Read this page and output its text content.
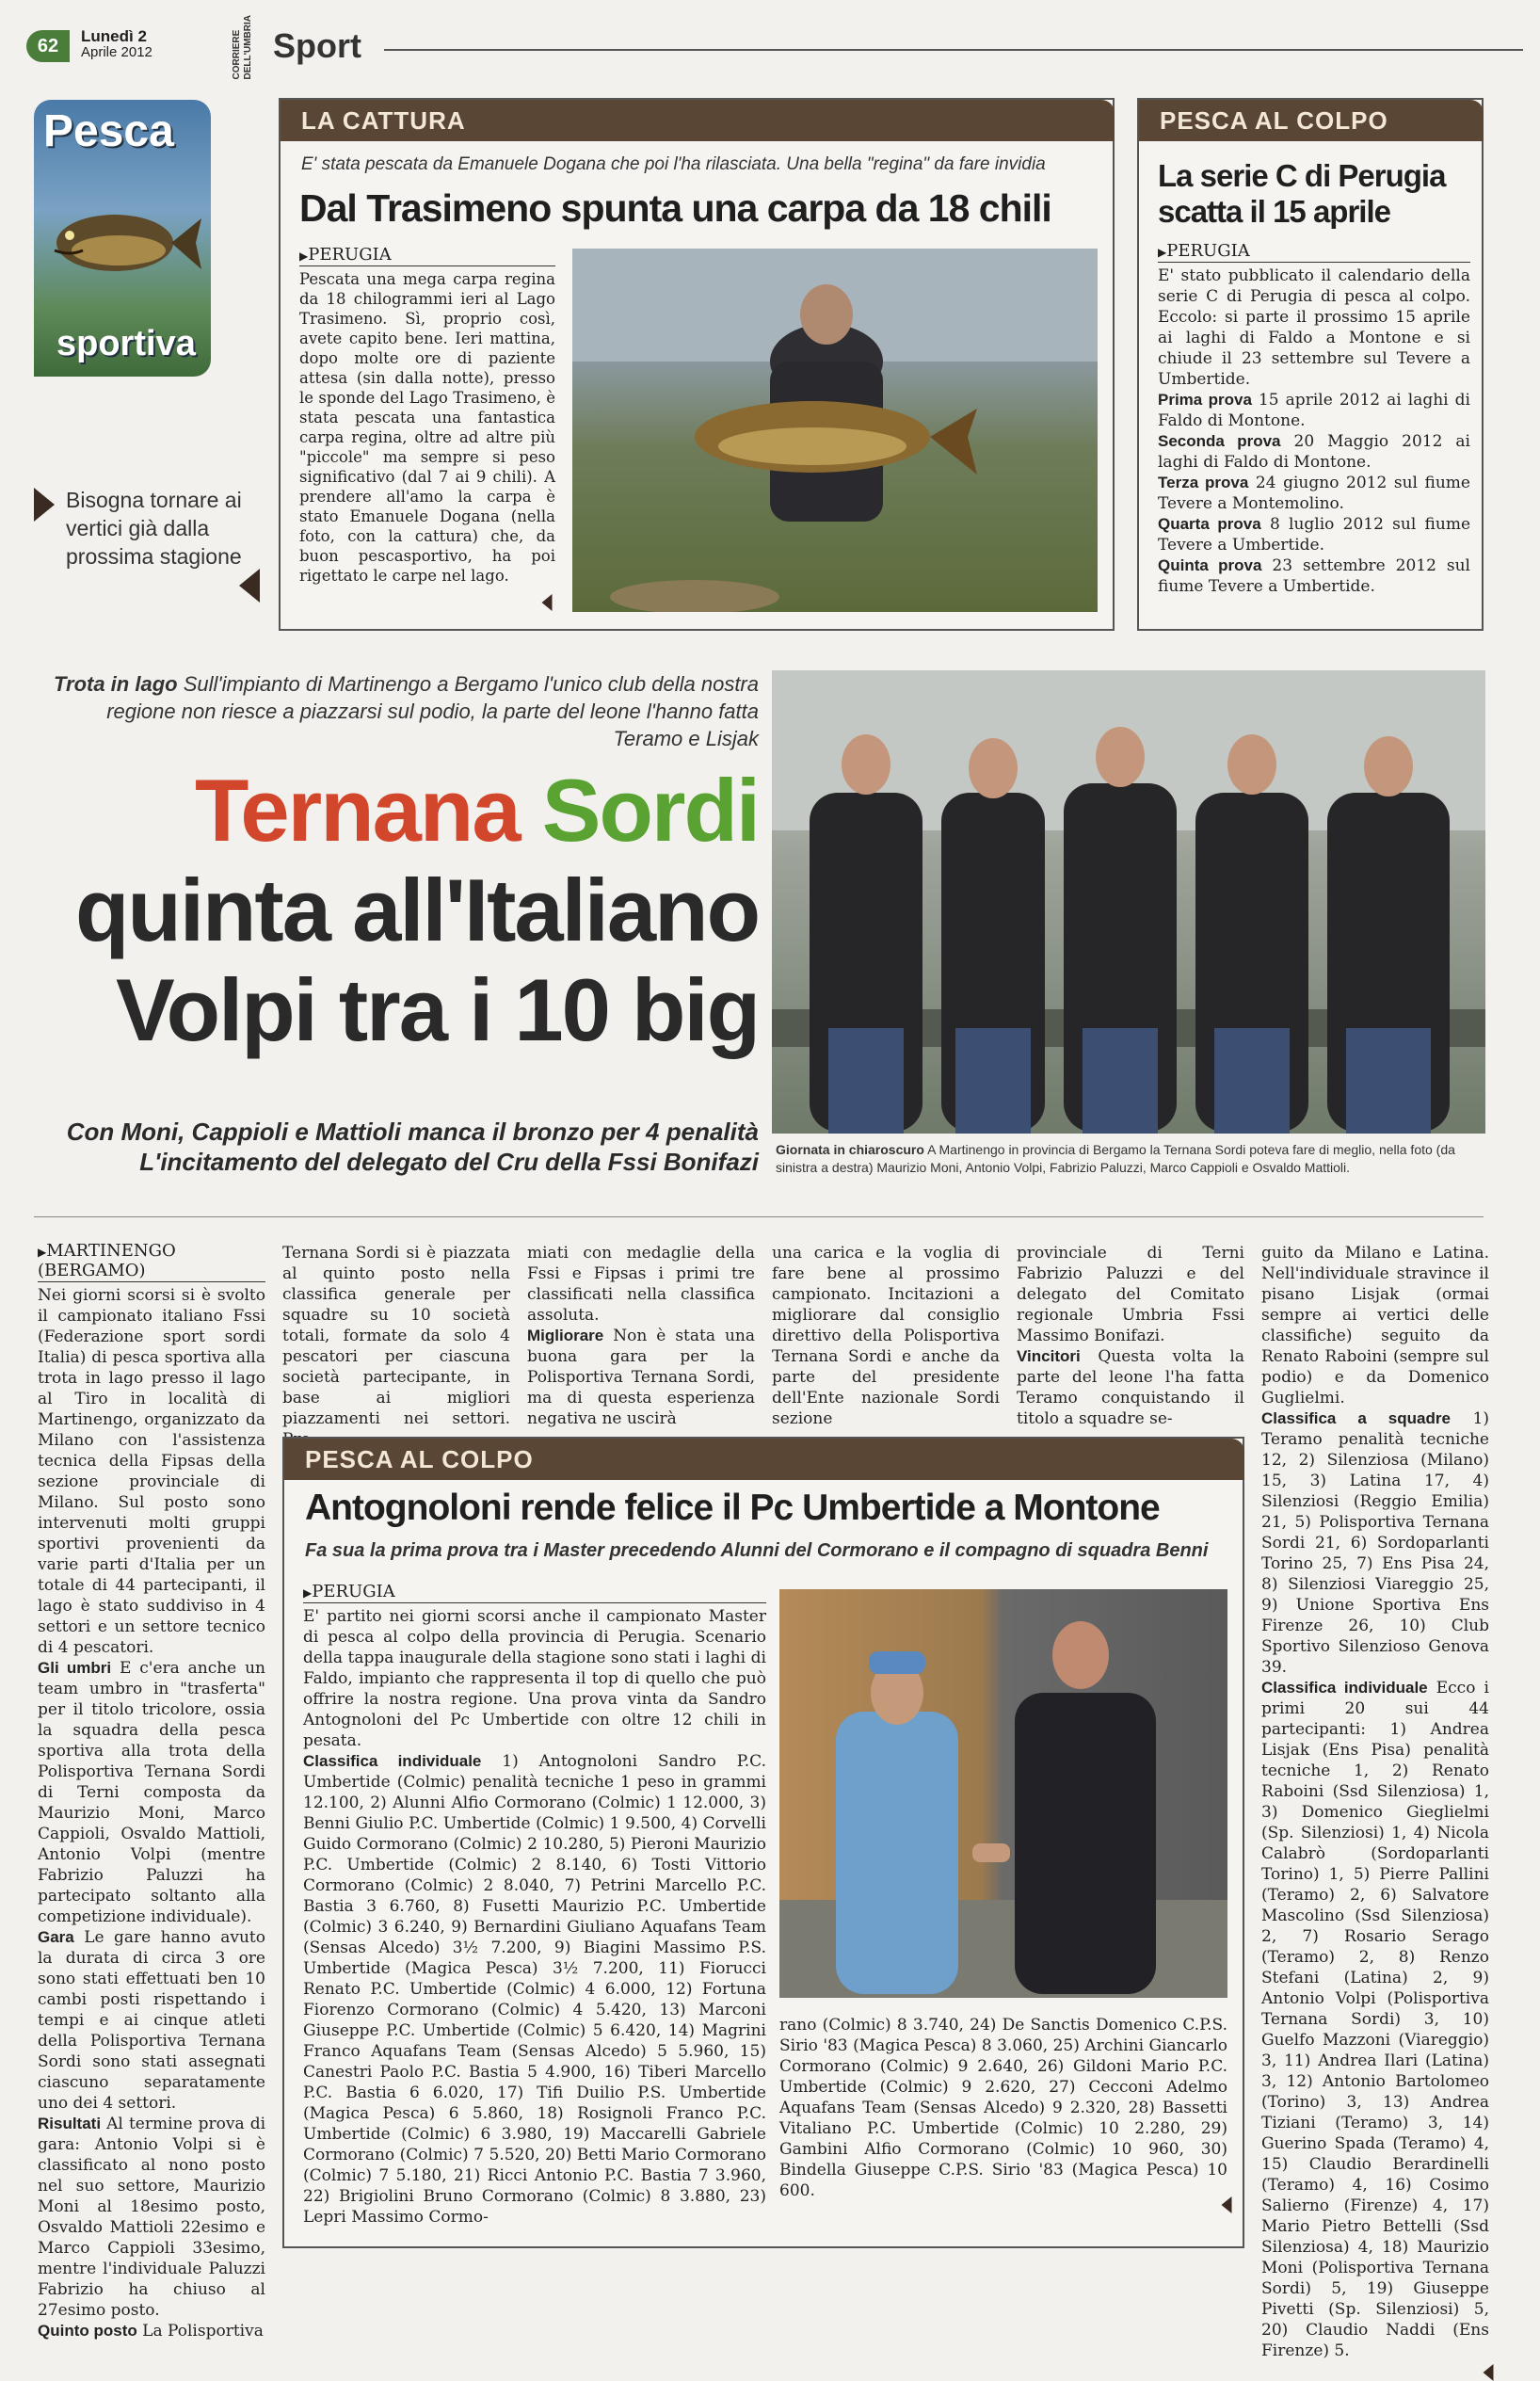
62	Lunedì 2
Aprile 2012	CORRIERE DELL'UMBRIA Sport
Pesca
sportiva
Bisogna tornare ai vertici già dalla prossima stagione
LA CATTURA
E' stata pescata da Emanuele Dogana che poi l'ha rilasciata. Una bella "regina" da fare invidia
Dal Trasimeno spunta una carpa da 18 chili
▶ PERUGIA
Pescata una mega carpa regina da 18 chilogrammi ieri al Lago Trasimeno. Sì, proprio così, avete capito bene. Ieri mattina, dopo molte ore di paziente attesa (sin dalla notte), presso le sponde del Lago Trasimeno, è stata pescata una fantastica carpa regina, oltre ad altre più "piccole" ma sempre si peso significativo (dal 7 ai 9 chili). A prendere all'amo la carpa è stato Emanuele Dogana (nella foto, con la cattura) che, da buon pescasportivo, ha poi rigettato le carpe nel lago.
PESCA AL COLPO
La serie C di Perugia scatta il 15 aprile
▶ PERUGIA
E' stato pubblicato il calendario della serie C di Perugia di pesca al colpo. Eccolo: si parte il prossimo 15 aprile ai laghi di Faldo a Montone e si chiude il 23 settembre sul Tevere a Umbertide.
Prima prova 15 aprile 2012 ai laghi di Faldo di Montone.
Seconda prova 20 Maggio 2012 ai laghi di Faldo di Montone.
Terza prova 24 giugno 2012 sul fiume Tevere a Montemolino.
Quarta prova 8 luglio 2012 sul fiume Tevere a Umbertide.
Quinta prova 23 settembre 2012 sul fiume Tevere a Umbertide.
Trota in lago Sull'impianto di Martinengo a Bergamo l'unico club della nostra regione non riesce a piazzarsi sul podio, la parte del leone l'hanno fatta Teramo e Lisjak
Ternana Sordi
quinta all'Italiano
Volpi tra i 10 big
Con Moni, Cappioli e Mattioli manca il bronzo per 4 penalità
L'incitamento del delegato del Cru della Fssi Bonifazi Giornata in chiaroscuro A Martinengo in provincia di Bergamo la Ternana Sordi poteva fare di meglio, nella foto (da sinistra a destra) Maurizio Moni, Antonio Volpi, Fabrizio Paluzzi, Marco Cappioli e Osvaldo Mattioli.
▶ MARTINENGO (BERGAMO)
Nei giorni scorsi si è svolto il campionato italiano Fssi (Federazione sport sordi Italia) di pesca sportiva alla trota in lago presso il lago al Tiro in località di Martinengo, organizzato da Milano con l'assistenza tecnica della Fipsas della sezione provinciale di Milano. Sul posto sono intervenuti molti gruppi sportivi provenienti da varie parti d'Italia per un totale di 44 partecipanti, il lago è stato suddiviso in 4 settori e un settore tecnico di 4 pescatori.
Gli umbri E c'era anche un team umbro in "trasferta" per il titolo tricolore, ossia la squadra della pesca sportiva alla trota della Polisportiva Ternana Sordi di Terni composta da Maurizio Moni, Marco Cappioli, Osvaldo Mattioli, Antonio Volpi (mentre Fabrizio Paluzzi ha partecipato soltanto alla competizione individuale).
Gara Le gare hanno avuto la durata di circa 3 ore sono stati effettuati ben 10 cambi posti rispettando i tempi e ai cinque atleti della Polisportiva Ternana Sordi sono stati assegnati ciascuno separatamente uno dei 4 settori.
Risultati Al termine prova di gara: Antonio Volpi si è classificato al nono posto nel suo settore, Maurizio Moni al 18esimo posto, Osvaldo Mattioli 22esimo e Marco Cappioli 33esimo, mentre l'individuale Paluzzi Fabrizio ha chiuso al 27esimo posto.
Quinto posto La Polisportiva
Ternana Sordi si è piazzata al quinto posto nella classifica generale per squadre su 10 società totali, formate da solo 4 pescatori per ciascuna società partecipante, in base ai migliori piazzamenti nei settori.
miati con medaglie della Fssi e Fipsas i primi tre classificati nella classifica assoluta.
Migliorare Non è stata una buona gara per la Polisportiva Ternana Sordi, ma di questa esperienza negativa ne uscirà
una carica e la voglia di fare bene al prossimo campionato. Incitazioni a migliorare dal consiglio direttivo della Polisportiva Ternana Sordi e anche da parte del presidente dell'Ente nazionale Sordi sezione
provinciale di Terni Fabrizio Paluzzi e del delegato del Comitato regionale Umbria Fssi Massimo Bonifazi.
Vincitori Questa volta la parte del leone l'ha fatta Teramo conquistando il titolo a squadre se-
guito da Milano e Latina. Nell'individuale stravince il pisano Lisjak (ormai sempre ai vertici delle classifiche) seguito da Renato Raboini (sempre sul podio) e da Domenico Guglielmi.
Classifica a squadre 1) Teramo penalità tecniche 12, 2) Silenziosa (Milano) 15, 3) Latina 17, 4) Silenziosi (Reggio Emilia) 21, 5) Polisportiva Ternana Sordi 21, 6) Sordoparlanti Torino 25, 7) Ens Pisa 24, 8) Silenziosi Viareggio 25, 9) Unione Sportiva Ens Firenze 26, 10) Club Sportivo Silenzioso Genova 39.
Classifica individuale Ecco i primi 20 sui 44 partecipanti: 1) Andrea Lisjak (Ens Pisa) penalità tecniche 1, 2) Renato Raboini (Ssd Silenziosa) 1, 3) Domenico Gieglielmi (Sp. Silenziosi) 1, 4) Nicola Calabrò (Sordoparlanti Torino) 1, 5) Pierre Pallini (Teramo) 2, 6) Salvatore Mascolino (Ssd Silenziosa) 2, 7) Rosario Serago (Teramo) 2, 8) Renzo Stefani (Latina) 2, 9) Antonio Volpi (Polisportiva Ternana Sordi) 3, 10) Guelfo Mazzoni (Viareggio) 3, 11) Andrea Ilari (Latina) 3, 12) Antonio Bartolomeo (Torino) 3, 13) Andrea Tiziani (Teramo) 3, 14) Guerino Spada (Teramo) 4, 15) Claudio Berardinelli (Teramo) 4, 16) Cosimo Salierno (Firenze) 4, 17) Mario Pietro Bettelli (Ssd Silenziosa) 4, 18) Maurizio Moni (Polisportiva Ternana Sordi) 5, 19) Giuseppe Pivetti (Sp. Silenziosi) 5, 20) Claudio Naddi (Ens Firenze) 5.
PESCA AL COLPO
Antognoloni rende felice il Pc Umbertide a Montone
Fa sua la prima prova tra i Master precedendo Alunni del Cormorano e il compagno di squadra Benni
▶ PERUGIA
E' partito nei giorni scorsi anche il campionato Master di pesca al colpo della provincia di Perugia. Scenario della tappa inaugurale della stagione sono stati i laghi di Faldo, impianto che rappresenta il top di quello che può offrire la nostra regione. Una prova vinta da Sandro Antognoloni del Pc Umbertide con oltre 12 chili in pesata.
Classifica individuale 1) Antognoloni Sandro P.C. Umbertide (Colmic) penalità tecniche 1 peso in grammi 12.100, 2) Alunni Alfio Cormorano (Colmic) 1 12.000, 3) Benni Giulio P.C. Umbertide (Colmic) 1 9.500, 4) Corvelli Guido Cormorano (Colmic) 2 10.280, 5) Pieroni Maurizio P.C. Umbertide (Colmic) 2 8.140, 6) Tosti Vittorio Cormorano (Colmic) 2 8.040, 7) Petrini Marcello P.C. Bastia 3 6.760, 8) Fusetti Maurizio P.C. Umbertide (Colmic) 3 6.240, 9) Bernardini Giuliano Aquafans Team (Sensas Alcedo) 3½ 7.200, 9) Biagini Massimo P.S. Umbertide (Magica Pesca) 3½ 7.200, 11) Fiorucci Renato P.C. Umbertide (Colmic) 4 6.000, 12) Fortuna Fiorenzo Cormorano (Colmic) 4 5.420, 13) Marconi Giuseppe P.C. Umbertide (Colmic) 5 6.420, 14) Magrini Franco Aquafans Team (Sensas Alcedo) 5 5.960, 15) Canestri Paolo P.C. Bastia 5 4.900, 16) Tiberi Marcello P.C. Bastia 6 6.020, 17) Tifi Duilio P.S. Umbertide (Magica Pesca) 6 5.860, 18) Rosignoli Franco P.C. Umbertide (Colmic) 6 3.980, 19) Maccarelli Gabriele Cormorano (Colmic) 7 5.520, 20) Betti Mario Cormorano (Colmic) 7 5.180, 21) Ricci Antonio P.C. Bastia 7 3.960, 22) Brigiolini Bruno Cormorano (Colmic) 8 3.880, 23) Lepri Massimo Cormo-
rano (Colmic) 8 3.740, 24) De Sanctis Domenico C.P.S. Sirio '83 (Magica Pesca) 8 3.060, 25) Archini Giancarlo Cormorano (Colmic) 9 2.640, 26) Gildoni Mario P.C. Umbertide (Colmic) 9 2.620, 27) Cecconi Adelmo Aquafans Team (Sensas Alcedo) 9 2.320, 28) Bassetti Vitaliano P.C. Umbertide (Colmic) 10 2.280, 29) Gambini Alfio Cormorano (Colmic) 10 960, 30) Bindella Giuseppe C.P.S. Sirio '83 (Magica Pesca) 10 600.
